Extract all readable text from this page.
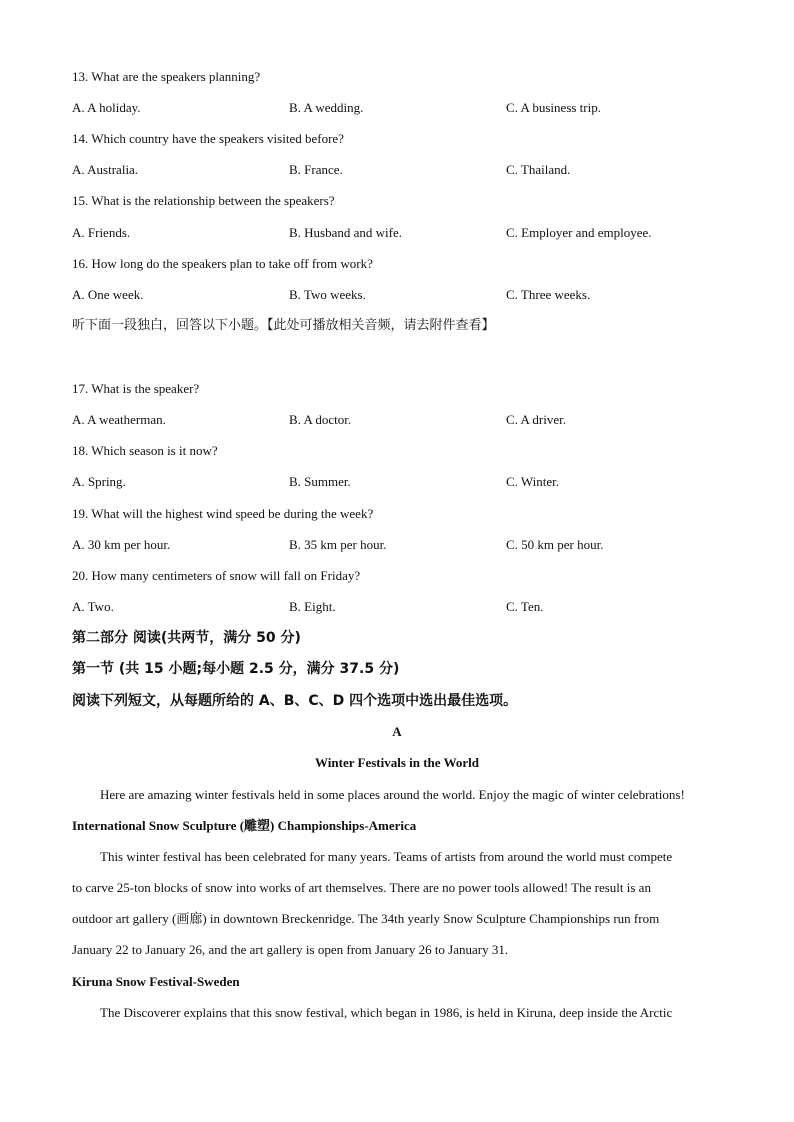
13. What are the speakers planning?
A. A holiday.	B. A wedding.	C. A business trip.
14. Which country have the speakers visited before?
A. Australia.	B. France.	C. Thailand.
15. What is the relationship between the speakers?
A. Friends.	B. Husband and wife.	C. Employer and employee.
16. How long do the speakers plan to take off from work?
A. One week.	B. Two weeks.	C. Three weeks.
听下面一段独白，回答以下小题。【此处可播放相关音频，请去附件查看】
17. What is the speaker?
A. A weatherman.	B. A doctor.	C. A driver.
18. Which season is it now?
A. Spring.	B. Summer.	C. Winter.
19. What will the highest wind speed be during the week?
A. 30 km per hour.	B. 35 km per hour.	C. 50 km per hour.
20. How many centimeters of snow will fall on Friday?
A. Two.	B. Eight.	C. Ten.
第二部分 阅读(共两节，满分 50 分)
第一节 (共 15 小题;每小题 2.5 分，满分 37.5 分)
阅读下列短文，从每题所给的 A、B、C、D 四个选项中选出最佳选项。
A
Winter Festivals in the World
Here are amazing winter festivals held in some places around the world. Enjoy the magic of winter celebrations!
International Snow Sculpture (雕塑) Championships-America
This winter festival has been celebrated for many years. Teams of artists from around the world must compete
to carve 25-ton blocks of snow into works of art themselves. There are no power tools allowed! The result is an
outdoor art gallery (画廊) in downtown Breckenridge. The 34th yearly Snow Sculpture Championships run from
January 22 to January 26, and the art gallery is open from January 26 to January 31.
Kiruna Snow Festival-Sweden
The Discoverer explains that this snow festival, which began in 1986, is held in Kiruna, deep inside the Arctic
